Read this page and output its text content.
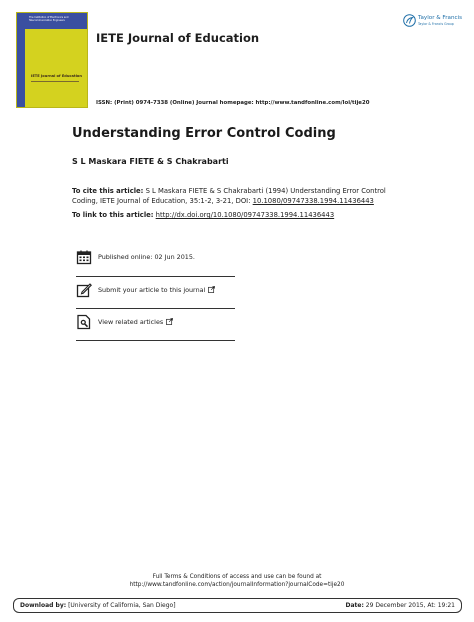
The Institution of Electronics and Telecommunication Engineers
IETE Journal of Education
IETE Journal of Education
ISSN: (Print) 0974-7338 (Online) Journal homepage: http://www.tandfonline.com/loi/tije20
Taylor & Francis
Taylor & Francis Group
Understanding Error Control Coding
S L Maskara FIETE & S Chakrabarti
To cite this article: S L Maskara FIETE & S Chakrabarti (1994) Understanding Error Control Coding, IETE Journal of Education, 35:1-2, 3-21, DOI: 10.1080/09747338.1994.11436443
To link to this article: http://dx.doi.org/10.1080/09747338.1994.11436443
Published online: 02 Jun 2015.
Submit your article to this journal
View related articles
Full Terms & Conditions of access and use can be found at
http://www.tandfonline.com/action/journalInformation?journalCode=tije20
Download by: [University of California, San Diego]	Date: 29 December 2015, At: 19:21
